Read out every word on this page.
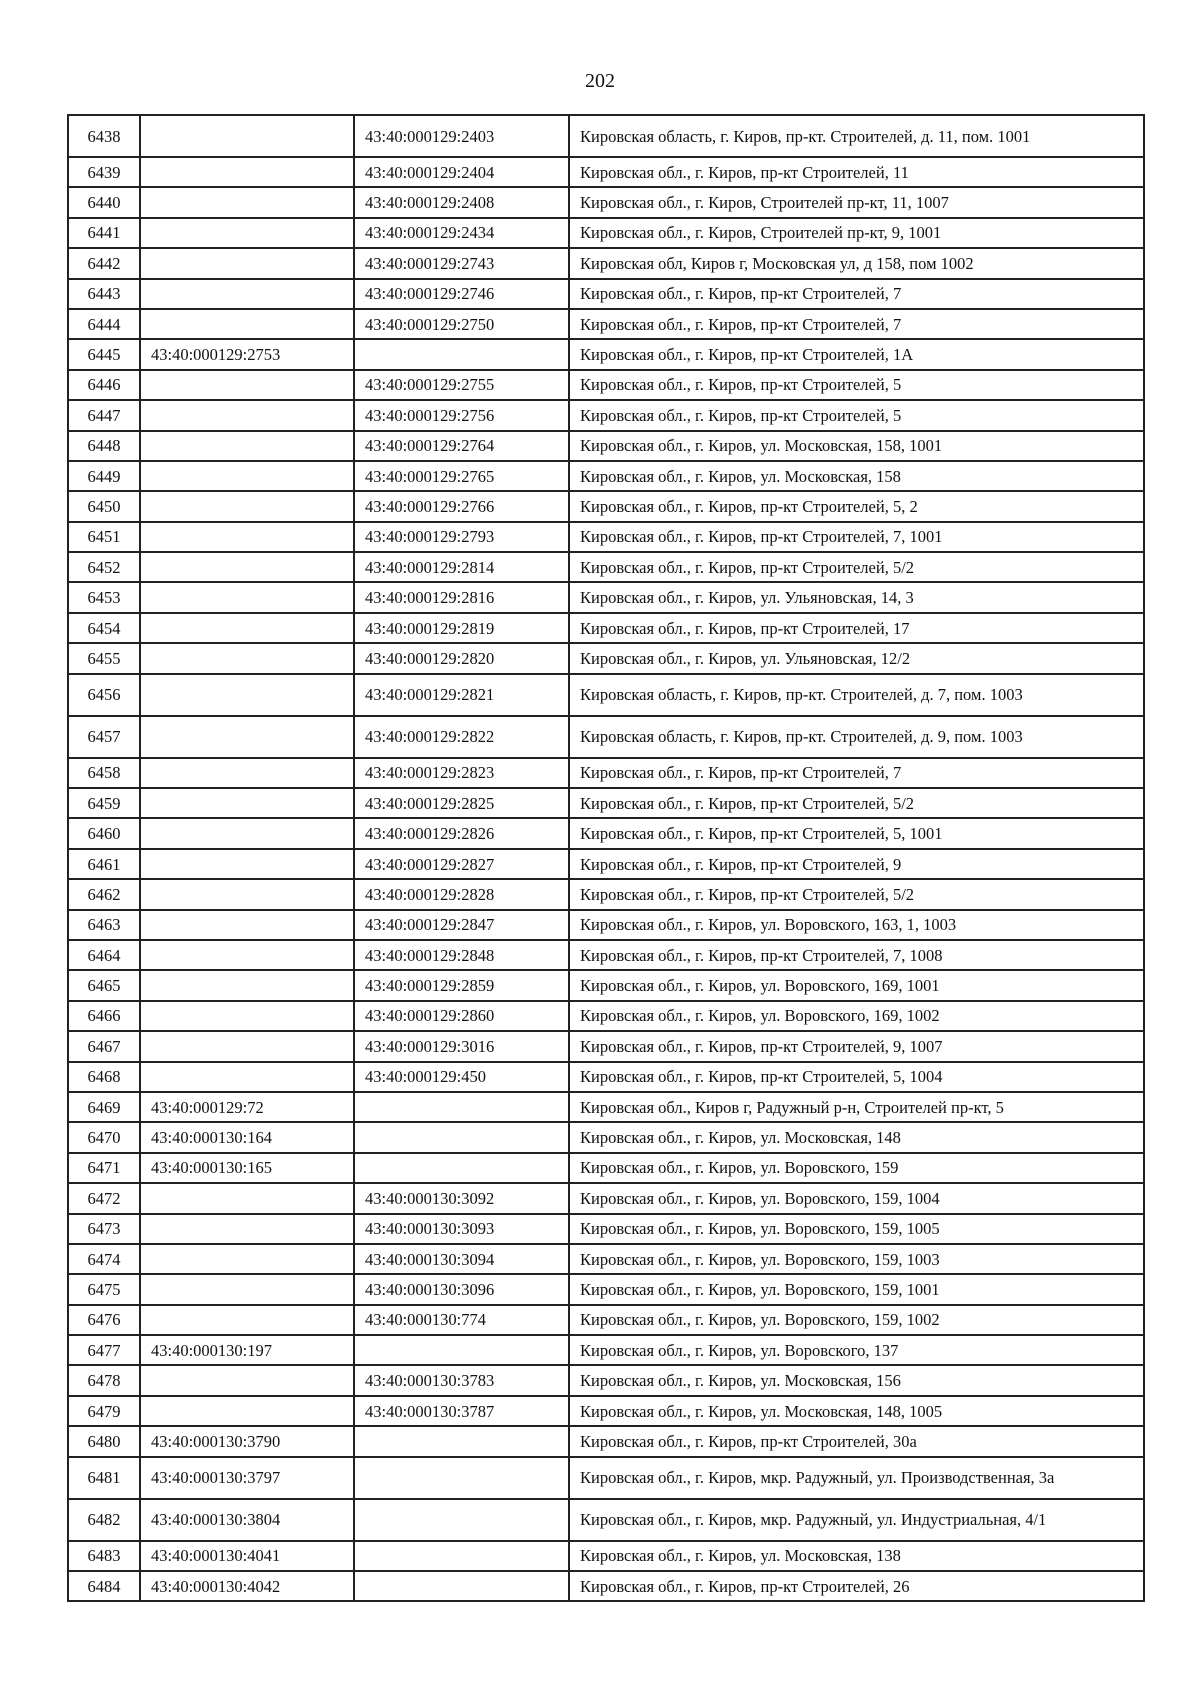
202
6438		43:40:000129:2403	Кировская область, г. Киров, пр-кт. Строителей, д. 11, пом. 1001
6439		43:40:000129:2404	Кировская обл., г. Киров, пр-кт Строителей, 11
6440		43:40:000129:2408	Кировская обл., г. Киров, Строителей пр-кт, 11, 1007
6441		43:40:000129:2434	Кировская обл., г. Киров, Строителей пр-кт, 9, 1001
6442		43:40:000129:2743	Кировская обл, Киров г, Московская ул, д 158, пом 1002
6443		43:40:000129:2746	Кировская обл., г. Киров, пр-кт Строителей, 7
6444		43:40:000129:2750	Кировская обл., г. Киров, пр-кт Строителей, 7
6445	43:40:000129:2753		Кировская обл., г. Киров, пр-кт Строителей, 1А
6446		43:40:000129:2755	Кировская обл., г. Киров, пр-кт Строителей, 5
6447		43:40:000129:2756	Кировская обл., г. Киров, пр-кт Строителей, 5
6448		43:40:000129:2764	Кировская обл., г. Киров, ул. Московская, 158, 1001
6449		43:40:000129:2765	Кировская обл., г. Киров, ул. Московская, 158
6450		43:40:000129:2766	Кировская обл., г. Киров, пр-кт Строителей, 5, 2
6451		43:40:000129:2793	Кировская обл., г. Киров, пр-кт Строителей, 7, 1001
6452		43:40:000129:2814	Кировская обл., г. Киров, пр-кт Строителей, 5/2
6453		43:40:000129:2816	Кировская обл., г. Киров, ул. Ульяновская, 14, 3
6454		43:40:000129:2819	Кировская обл., г. Киров, пр-кт Строителей, 17
6455		43:40:000129:2820	Кировская обл., г. Киров, ул. Ульяновская, 12/2
6456		43:40:000129:2821	Кировская область, г. Киров, пр-кт. Строителей, д. 7, пом. 1003
6457		43:40:000129:2822	Кировская область, г. Киров, пр-кт. Строителей, д. 9, пом. 1003
6458		43:40:000129:2823	Кировская обл., г. Киров, пр-кт Строителей, 7
6459		43:40:000129:2825	Кировская обл., г. Киров, пр-кт Строителей, 5/2
6460		43:40:000129:2826	Кировская обл., г. Киров, пр-кт Строителей, 5, 1001
6461		43:40:000129:2827	Кировская обл., г. Киров, пр-кт Строителей, 9
6462		43:40:000129:2828	Кировская обл., г. Киров, пр-кт Строителей, 5/2
6463		43:40:000129:2847	Кировская обл., г. Киров, ул. Воровского, 163, 1, 1003
6464		43:40:000129:2848	Кировская обл., г. Киров, пр-кт Строителей, 7, 1008
6465		43:40:000129:2859	Кировская обл., г. Киров, ул. Воровского, 169, 1001
6466		43:40:000129:2860	Кировская обл., г. Киров, ул. Воровского, 169, 1002
6467		43:40:000129:3016	Кировская обл., г. Киров, пр-кт Строителей, 9, 1007
6468		43:40:000129:450	Кировская обл., г. Киров, пр-кт Строителей, 5, 1004
6469	43:40:000129:72		Кировская обл., Киров г, Радужный р-н, Строителей пр-кт, 5
6470	43:40:000130:164		Кировская обл., г. Киров, ул. Московская, 148
6471	43:40:000130:165		Кировская обл., г. Киров, ул. Воровского, 159
6472		43:40:000130:3092	Кировская обл., г. Киров, ул. Воровского, 159, 1004
6473		43:40:000130:3093	Кировская обл., г. Киров, ул. Воровского, 159, 1005
6474		43:40:000130:3094	Кировская обл., г. Киров, ул. Воровского, 159, 1003
6475		43:40:000130:3096	Кировская обл., г. Киров, ул. Воровского, 159, 1001
6476		43:40:000130:774	Кировская обл., г. Киров, ул. Воровского, 159, 1002
6477	43:40:000130:197		Кировская обл., г. Киров, ул. Воровского, 137
6478		43:40:000130:3783	Кировская обл., г. Киров, ул. Московская, 156
6479		43:40:000130:3787	Кировская обл., г. Киров, ул. Московская, 148, 1005
6480	43:40:000130:3790		Кировская обл., г. Киров, пр-кт Строителей, 30а
6481	43:40:000130:3797		Кировская обл., г. Киров, мкр. Радужный, ул. Производственная, 3а
6482	43:40:000130:3804		Кировская обл., г. Киров, мкр. Радужный, ул. Индустриальная, 4/1
6483	43:40:000130:4041		Кировская обл., г. Киров, ул. Московская, 138
6484	43:40:000130:4042		Кировская обл., г. Киров, пр-кт Строителей, 26
